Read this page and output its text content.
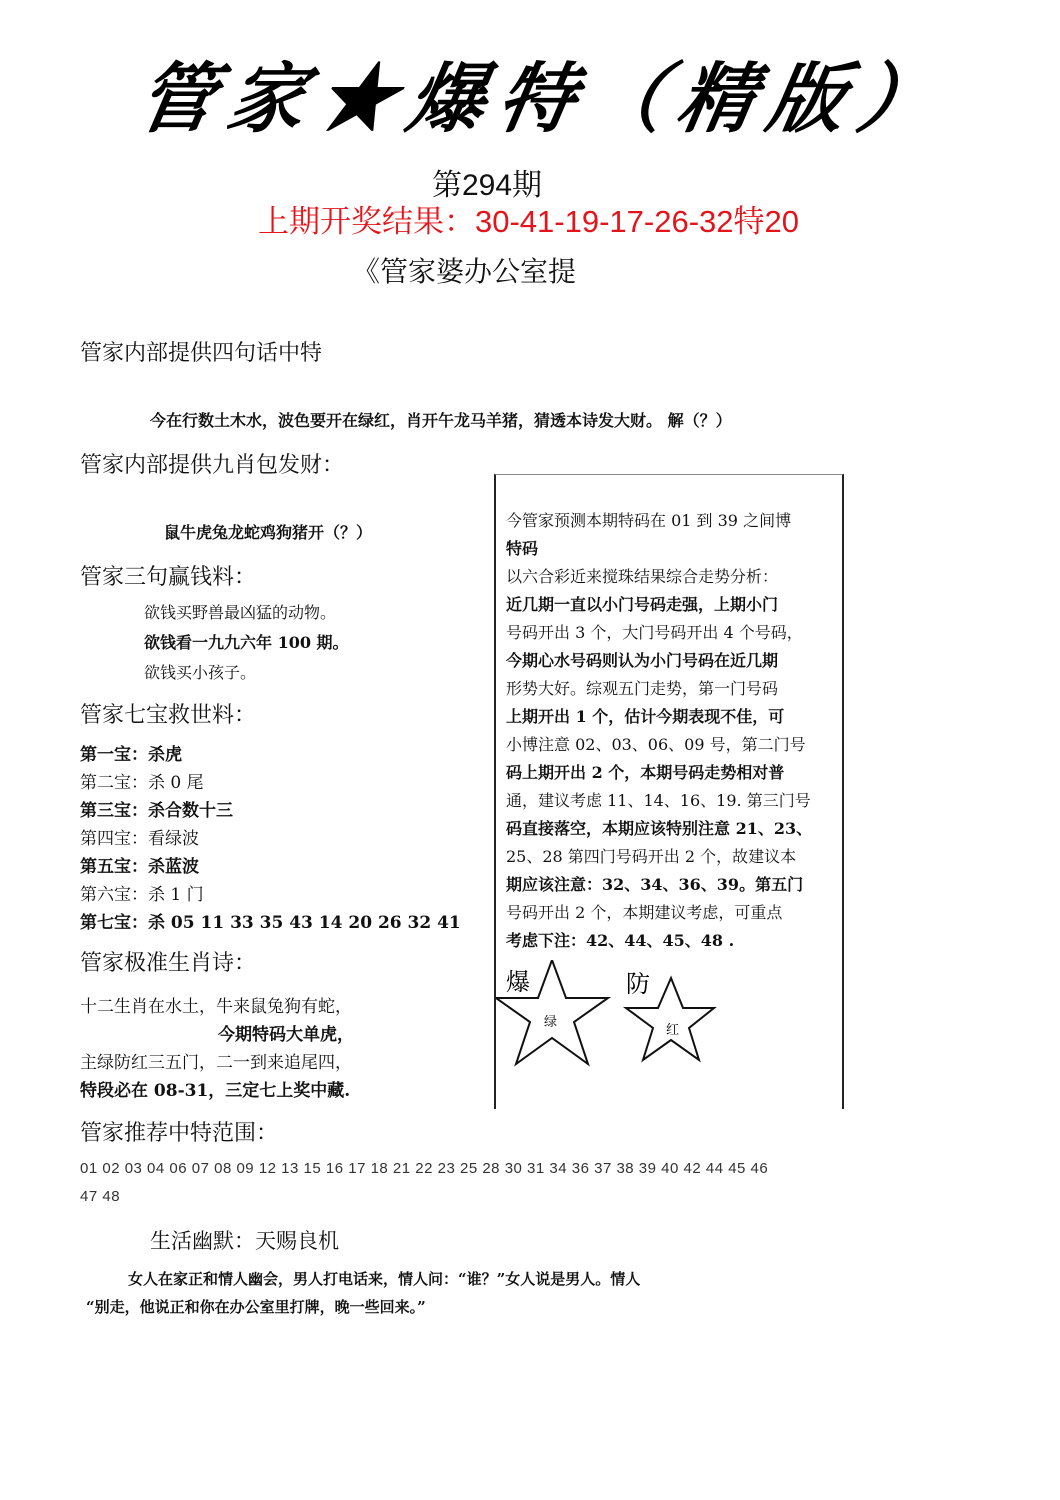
管家★爆特（精版）
第294期
上期开奖结果：30-41-19-17-26-32特20
《管家婆办公室提
管家内部提供四句话中特
今在行数土木水，波色要开在绿红，肖开午龙马羊猪，猜透本诗发大财。 解（？）
管家内部提供九肖包发财：
鼠牛虎兔龙蛇鸡狗猪开（？）
管家三句赢钱料：
欲钱买野兽最凶猛的动物。
欲钱看一九九六年 100 期。
欲钱买小孩子。
管家七宝救世料：
第一宝：杀虎
第二宝：杀 0 尾
第三宝：杀合数十三
第四宝：看绿波
第五宝：杀蓝波
第六宝：杀 1 门
第七宝：杀 05 11 33 35 43 14 20 26 32 41
管家极准生肖诗：
十二生肖在水土，牛来鼠兔狗有蛇，
今期特码大单虎，
主绿防红三五门，二一到来追尾四，
特段必在 08-31，三定七上奖中藏.
今管家预测本期特码在 01 到 39 之间博
特码
以六合彩近来搅珠结果综合走势分析：
近几期一直以小门号码走强，上期小门
号码开出 3 个，大门号码开出 4 个号码，
今期心水号码则认为小门号码在近几期
形势大好。综观五门走势，第一门号码
上期开出 1 个，估计今期表现不佳，可
小博注意 02、03、06、09 号，第二门号
码上期开出 2 个，本期号码走势相对普
通，建议考虑 11、14、16、19. 第三门号
码直接落空，本期应该特别注意 21、23、
25、28 第四门号码开出 2 个，故建议本
期应该注意：32、34、36、39。第五门
号码开出 2 个，本期建议考虑，可重点
考虑下注：42、44、45、48 .
爆
绿
防
红
管家推荐中特范围：
01 02 03 04 06 07 08 09 12 13 15 16 17 18 21 22 23 25 28 30 31 34 36 37 38 39 40 42 44 45 46
47 48
生活幽默：天赐良机
女人在家正和情人幽会，男人打电话来，情人问：“谁？”女人说是男人。情人
“别走，他说正和你在办公室里打牌，晚一些回来。”
